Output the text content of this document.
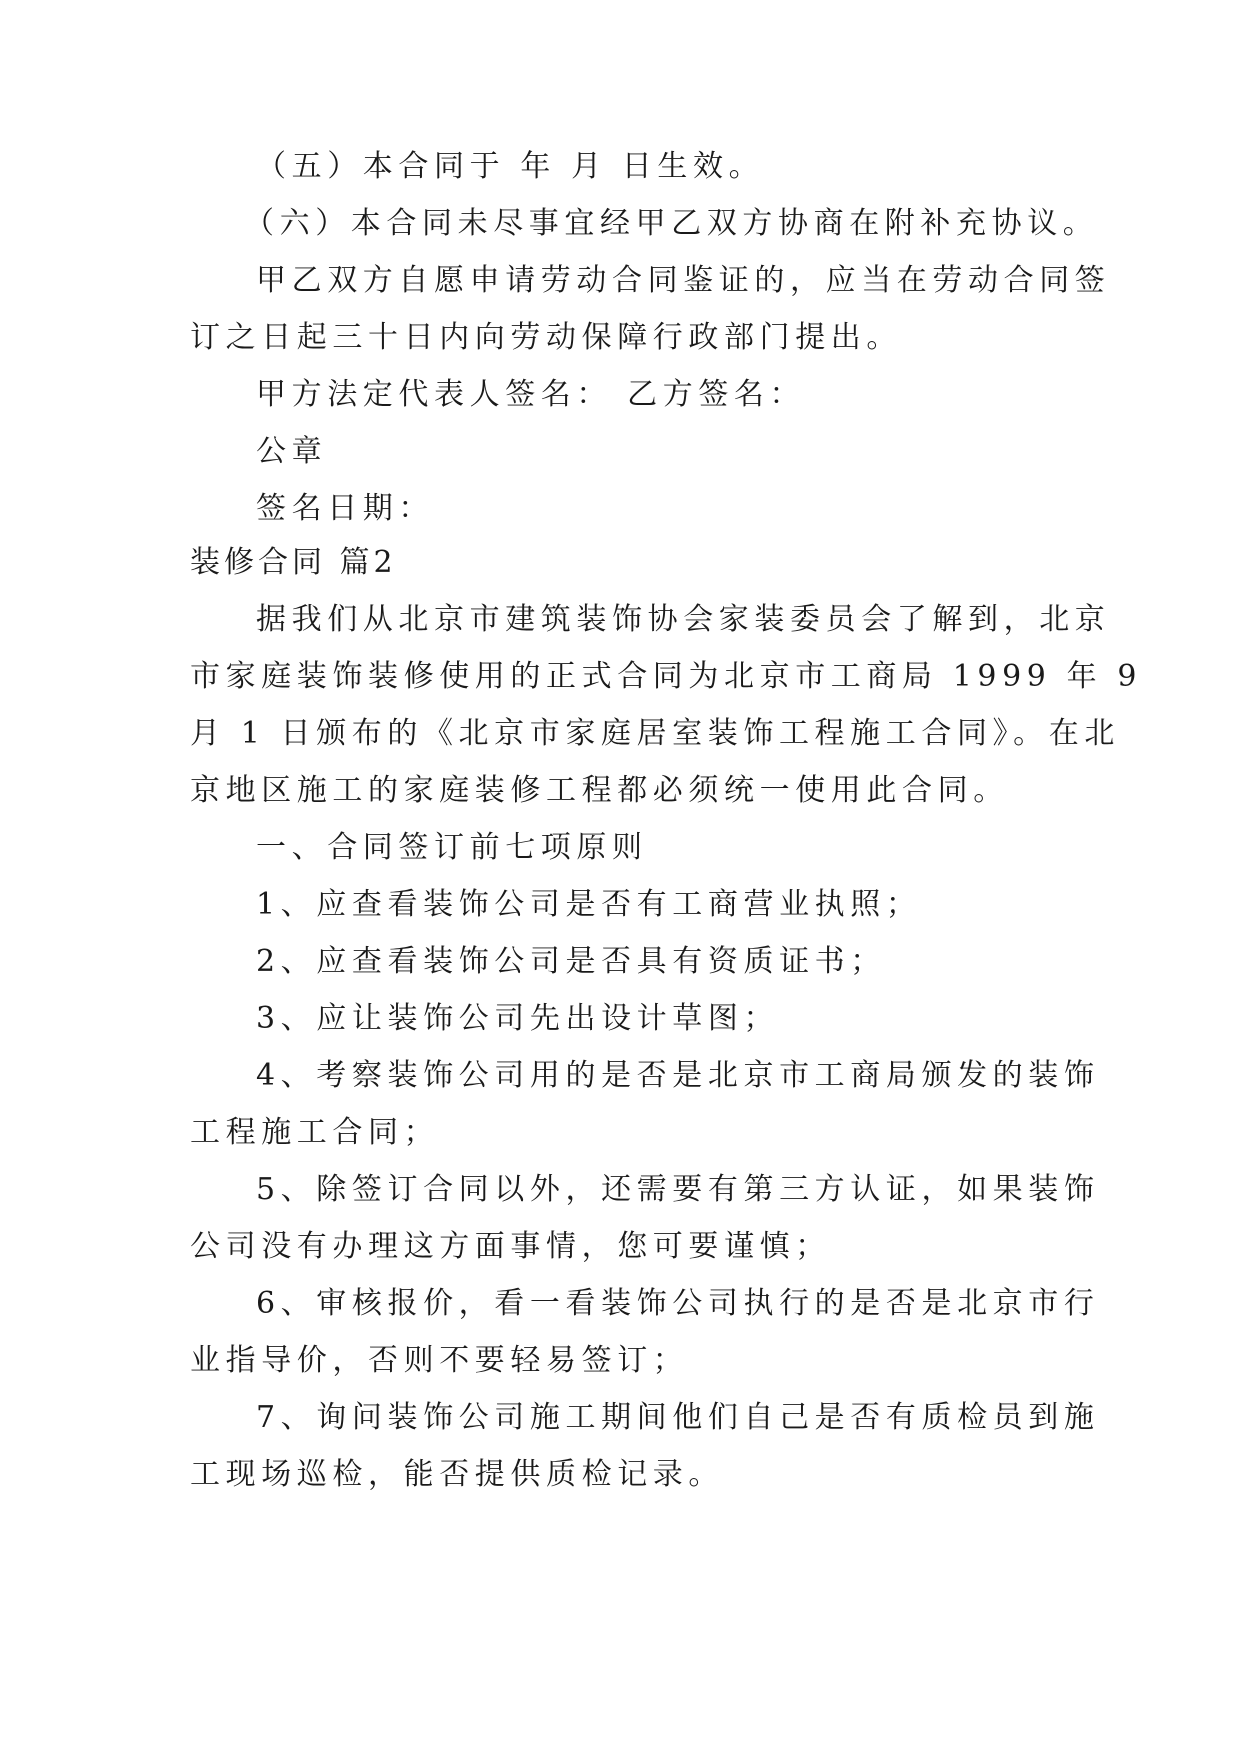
（五）本合同于 年 月 日生效。
（六）本合同未尽事宜经甲乙双方协商在附补充协议。
甲乙双方自愿申请劳动合同鉴证的，应当在劳动合同签
订之日起三十日内向劳动保障行政部门提出。
甲方法定代表人签名： 乙方签名：
公章
签名日期：
装修合同 篇2
据我们从北京市建筑装饰协会家装委员会了解到，北京
市家庭装饰装修使用的正式合同为北京市工商局 1999 年 9
月 1 日颁布的《北京市家庭居室装饰工程施工合同》。在北
京地区施工的家庭装修工程都必须统一使用此合同。
一、合同签订前七项原则
1、应查看装饰公司是否有工商营业执照；
2、应查看装饰公司是否具有资质证书；
3、应让装饰公司先出设计草图；
4、考察装饰公司用的是否是北京市工商局颁发的装饰
工程施工合同；
5、除签订合同以外，还需要有第三方认证，如果装饰
公司没有办理这方面事情，您可要谨慎；
6、审核报价，看一看装饰公司执行的是否是北京市行
业指导价，否则不要轻易签订；
7、询问装饰公司施工期间他们自己是否有质检员到施
工现场巡检，能否提供质检记录。
